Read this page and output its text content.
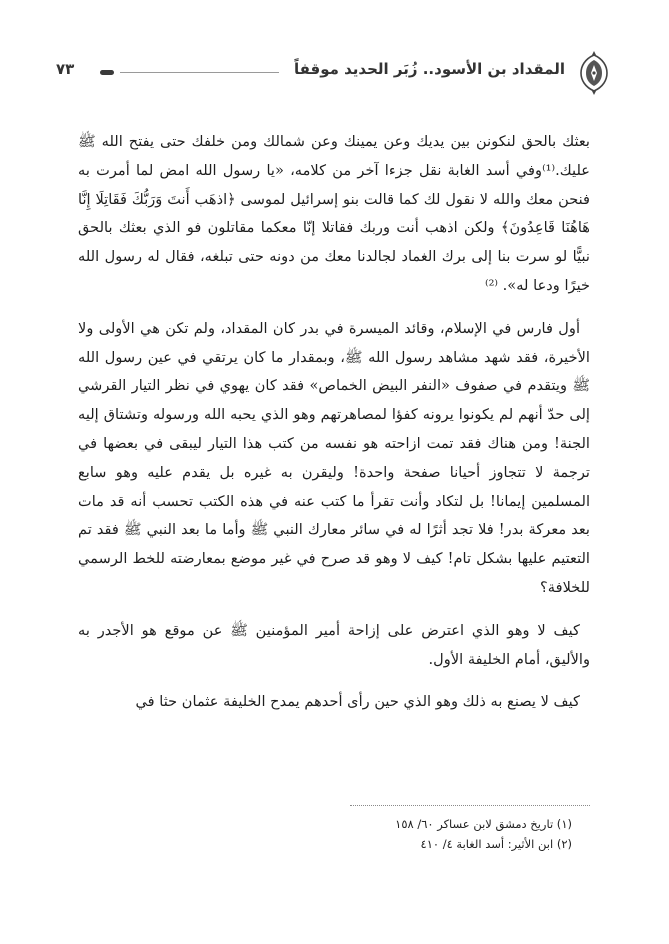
المقداد بن الأسود.. زُبَر الحديد موقفاً
٧٣

بعثك بالحق لنكونن بين يديك وعن يمينك وعن شمالك ومن خلفك حتى يفتح الله ﷺ عليك.⁽¹⁾وفي أسد الغابة نقل جزءا آخر من كلامه، «يا رسول الله امض لما أمرت به فنحن معك والله لا نقول لك كما قالت بنو إسرائيل لموسى ﴿اذهَب أَنتَ وَرَبُّكَ فَقَاتِلَا إِنَّا هَاهُنَا قَاعِدُونَ﴾ ولكن اذهب أنت وربك فقاتلا إنّا معكما مقاتلون فو الذي بعثك بالحق نبيًّا لو سرت بنا إلى برك الغماد لجالدنا معك من دونه حتى تبلغه، فقال له رسول الله خيرًا ودعا له». ⁽²⁾

أول فارس في الإسلام، وقائد الميسرة في بدر كان المقداد، ولم تكن هي الأولى ولا الأخيرة، فقد شهد مشاهد رسول الله ﷺ، وبمقدار ما كان يرتقي في عين رسول الله ﷺ ويتقدم في صفوف «النفر البيض الخماص» فقد كان يهوي في نظر التيار القرشي إلى حدّ أنهم لم يكونوا يرونه كفؤا لمصاهرتهم وهو الذي يحبه الله ورسوله وتشتاق إليه الجنة! ومن هناك فقد تمت ازاحته هو نفسه من كتب هذا التيار ليبقى في بعضها في ترجمة لا تتجاوز أحيانا صفحة واحدة! وليقرن به غيره بل يقدم عليه وهو سابع المسلمين إيمانا! بل لتكاد وأنت تقرأ ما كتب عنه في هذه الكتب تحسب أنه قد مات بعد معركة بدر! فلا تجد أثرًا له في سائر معارك النبي ﷺ وأما ما بعد النبي ﷺ فقد تم التعتيم عليها بشكل تام! كيف لا وهو قد صرح في غير موضع بمعارضته للخط الرسمي للخلافة؟

كيف لا وهو الذي اعترض على إزاحة أمير المؤمنين ﷺ عن موقع هو الأجدر به والأليق، أمام الخليفة الأول.

كيف لا يصنع به ذلك وهو الذي حين رأى أحدهم يمدح الخليفة عثمان حثا في

(١) تاريخ دمشق لابن عساكر ٦٠/ ١٥٨
(٢) ابن الأثير: أسد الغابة ٤/ ٤١٠
